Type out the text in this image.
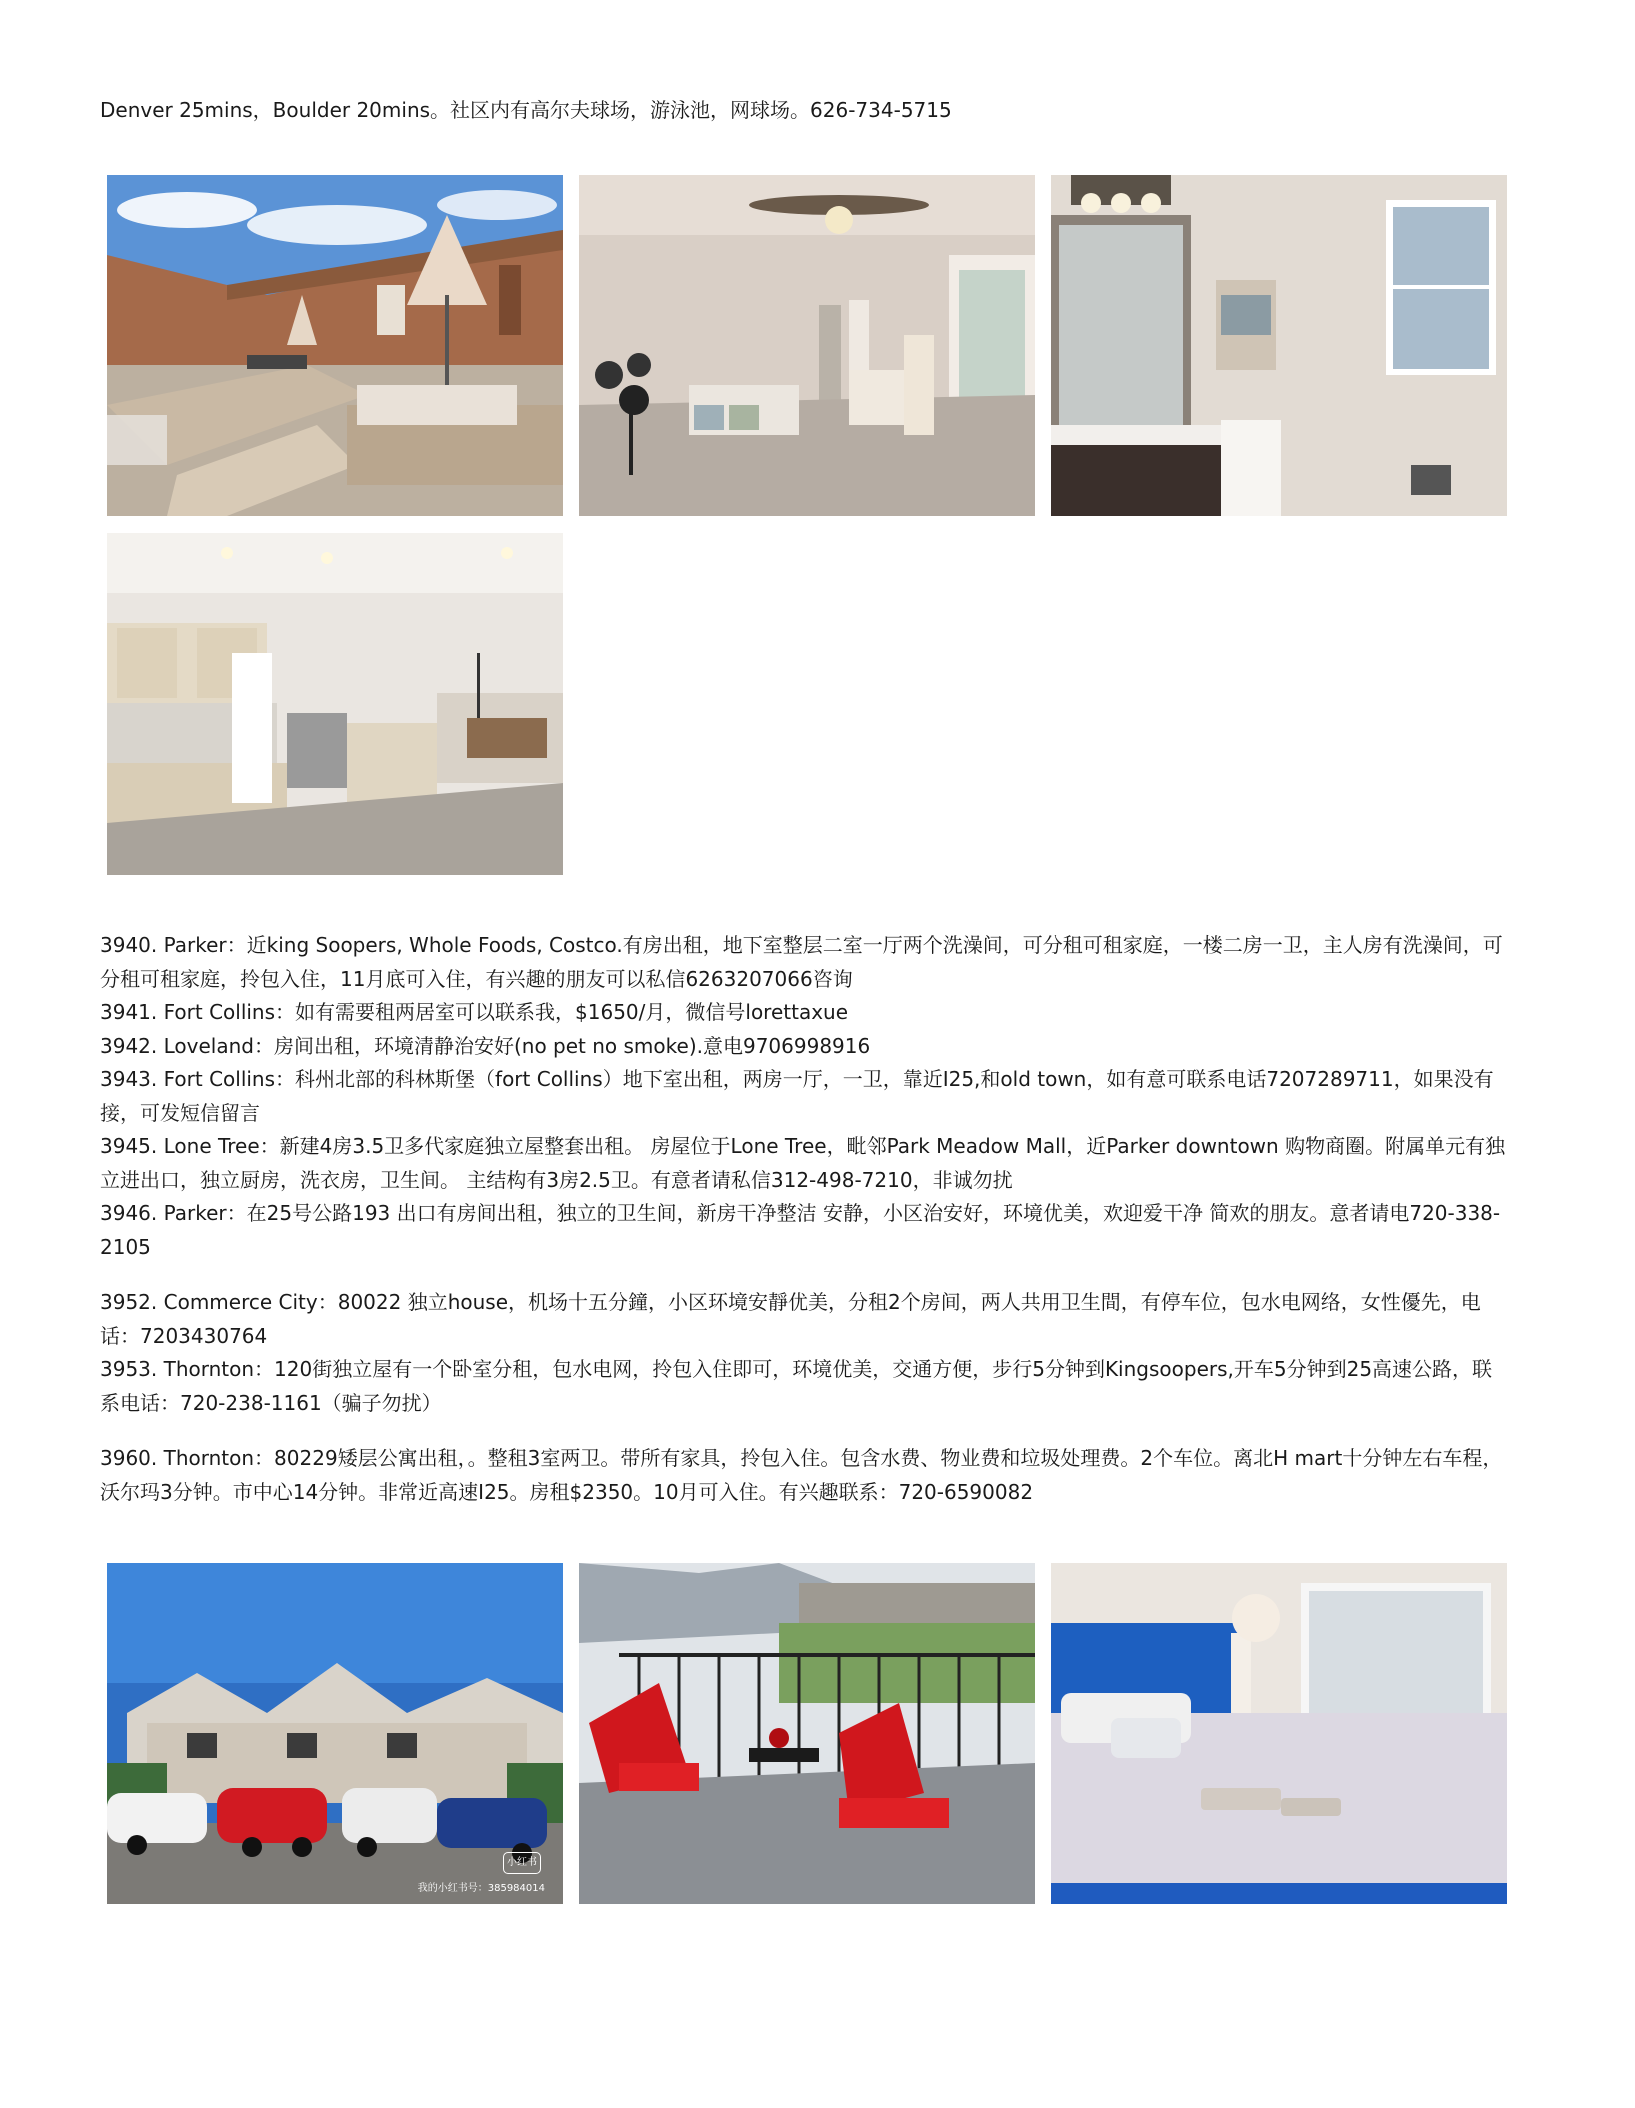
Denver 25mins，Boulder 20mins。社区内有高尔夫球场，游泳池，网球场。626-734-5715
3940. Parker：近king Soopers, Whole Foods, Costco.有房出租，地下室整层二室一厅两个洗澡间，可分租可租家庭，一楼二房一卫，主人房有洗澡间，可分租可租家庭，拎包入住，11月底可入住，有兴趣的朋友可以私信6263207066咨询
3941. Fort Collins：如有需要租两居室可以联系我，$1650/月，微信号lorettaxue
3942. Loveland：房间出租，环境清静治安好(no pet no smoke).意电9706998916
3943. Fort Collins：科州北部的科林斯堡（fort Collins）地下室出租，两房一厅，一卫，靠近I25,和old town，如有意可联系电话7207289711，如果没有接，可发短信留言
3945. Lone Tree：新建4房3.5卫多代家庭独立屋整套出租。 房屋位于Lone Tree，毗邻Park Meadow Mall，近Parker downtown 购物商圈。附属单元有独立进出口，独立厨房，洗衣房，卫生间。 主结构有3房2.5卫。有意者请私信312-498-7210，非诚勿扰
3946. Parker：在25号公路193 出口有房间出租，独立的卫生间，新房干净整洁 安静，小区治安好，环境优美，欢迎爱干净 简欢的朋友。意者请电720-338-2105
3952. Commerce City：80022 独立house，机场十五分鐘，小区环境安靜优美，分租2个房间，两人共用卫生間，有停车位，包水电网络，女性優先，电话：7203430764
3953. Thornton：120街独立屋有一个卧室分租，包水电网，拎包入住即可，环境优美，交通方便，步行5分钟到Kingsoopers,开车5分钟到25高速公路，联系电话：720-238-1161（骗子勿扰）
3960. Thornton：80229矮层公寓出租，。整租3室两卫。带所有家具，拎包入住。包含水费、物业费和垃圾处理费。2个车位。离北H mart十分钟左右车程，沃尔玛3分钟。市中心14分钟。非常近高速I25。房租$2350。10月可入住。有兴趣联系：720-6590082
小红书
我的小红书号：385984014
